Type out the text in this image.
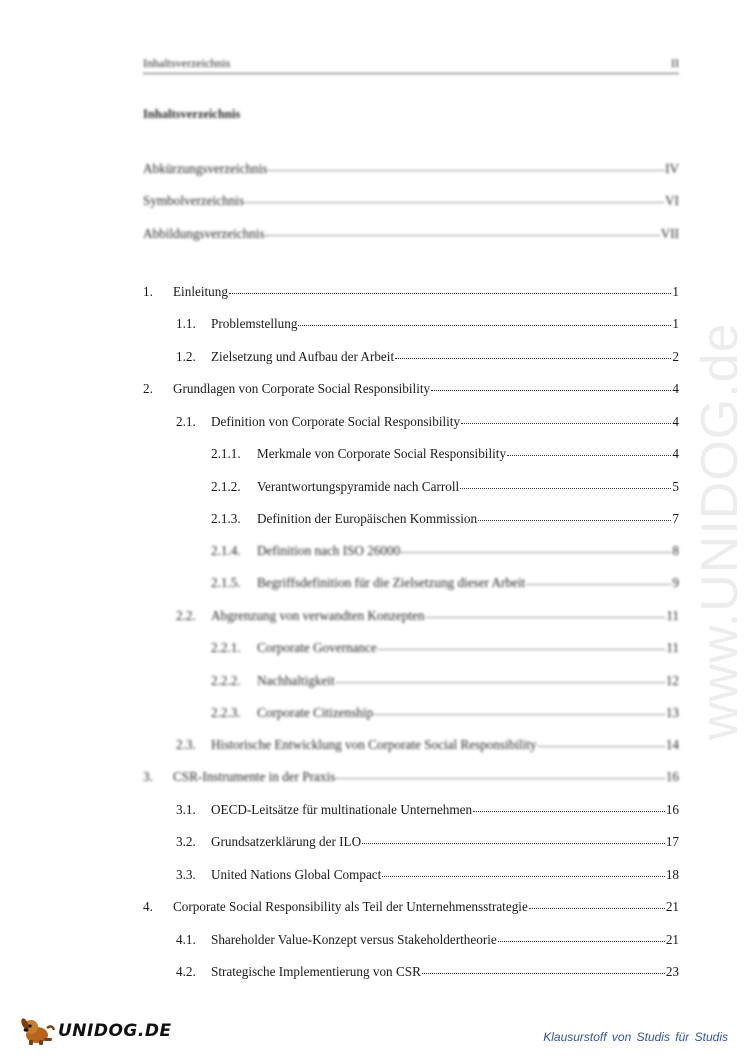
www.UNIDOG.de
Inhaltsverzeichnis	II
Inhaltsverzeichnis
Abkürzungsverzeichnis	IV
Symbolverzeichnis	VI
Abbildungsverzeichnis	VII
1.	Einleitung	1
1.1.	Problemstellung	1
1.2.	Zielsetzung und Aufbau der Arbeit	2
2.	Grundlagen von Corporate Social Responsibility	4
2.1.	Definition von Corporate Social Responsibility	4
2.1.1.	Merkmale von Corporate Social Responsibility	4
2.1.2.	Verantwortungspyramide nach Carroll	5
2.1.3.	Definition der Europäischen Kommission	7
2.1.4.	Definition nach ISO 26000	8
2.1.5.	Begriffsdefinition für die Zielsetzung dieser Arbeit	9
2.2.	Abgrenzung von verwandten Konzepten	11
2.2.1.	Corporate Governance	11
2.2.2.	Nachhaltigkeit	12
2.2.3.	Corporate Citizenship	13
2.3.	Historische Entwicklung von Corporate Social Responsibility	14
3.	CSR-Instrumente in der Praxis	16
3.1.	OECD-Leitsätze für multinationale Unternehmen	16
3.2.	Grundsatzerklärung der ILO	17
3.3.	United Nations Global Compact	18
4.	Corporate Social Responsibility als Teil der Unternehmensstrategie	21
4.1.	Shareholder Value-Konzept versus Stakeholdertheorie	21
4.2.	Strategische Implementierung von CSR	23
UNIDOG.DE	Klausurstoff von Studis für Studis
